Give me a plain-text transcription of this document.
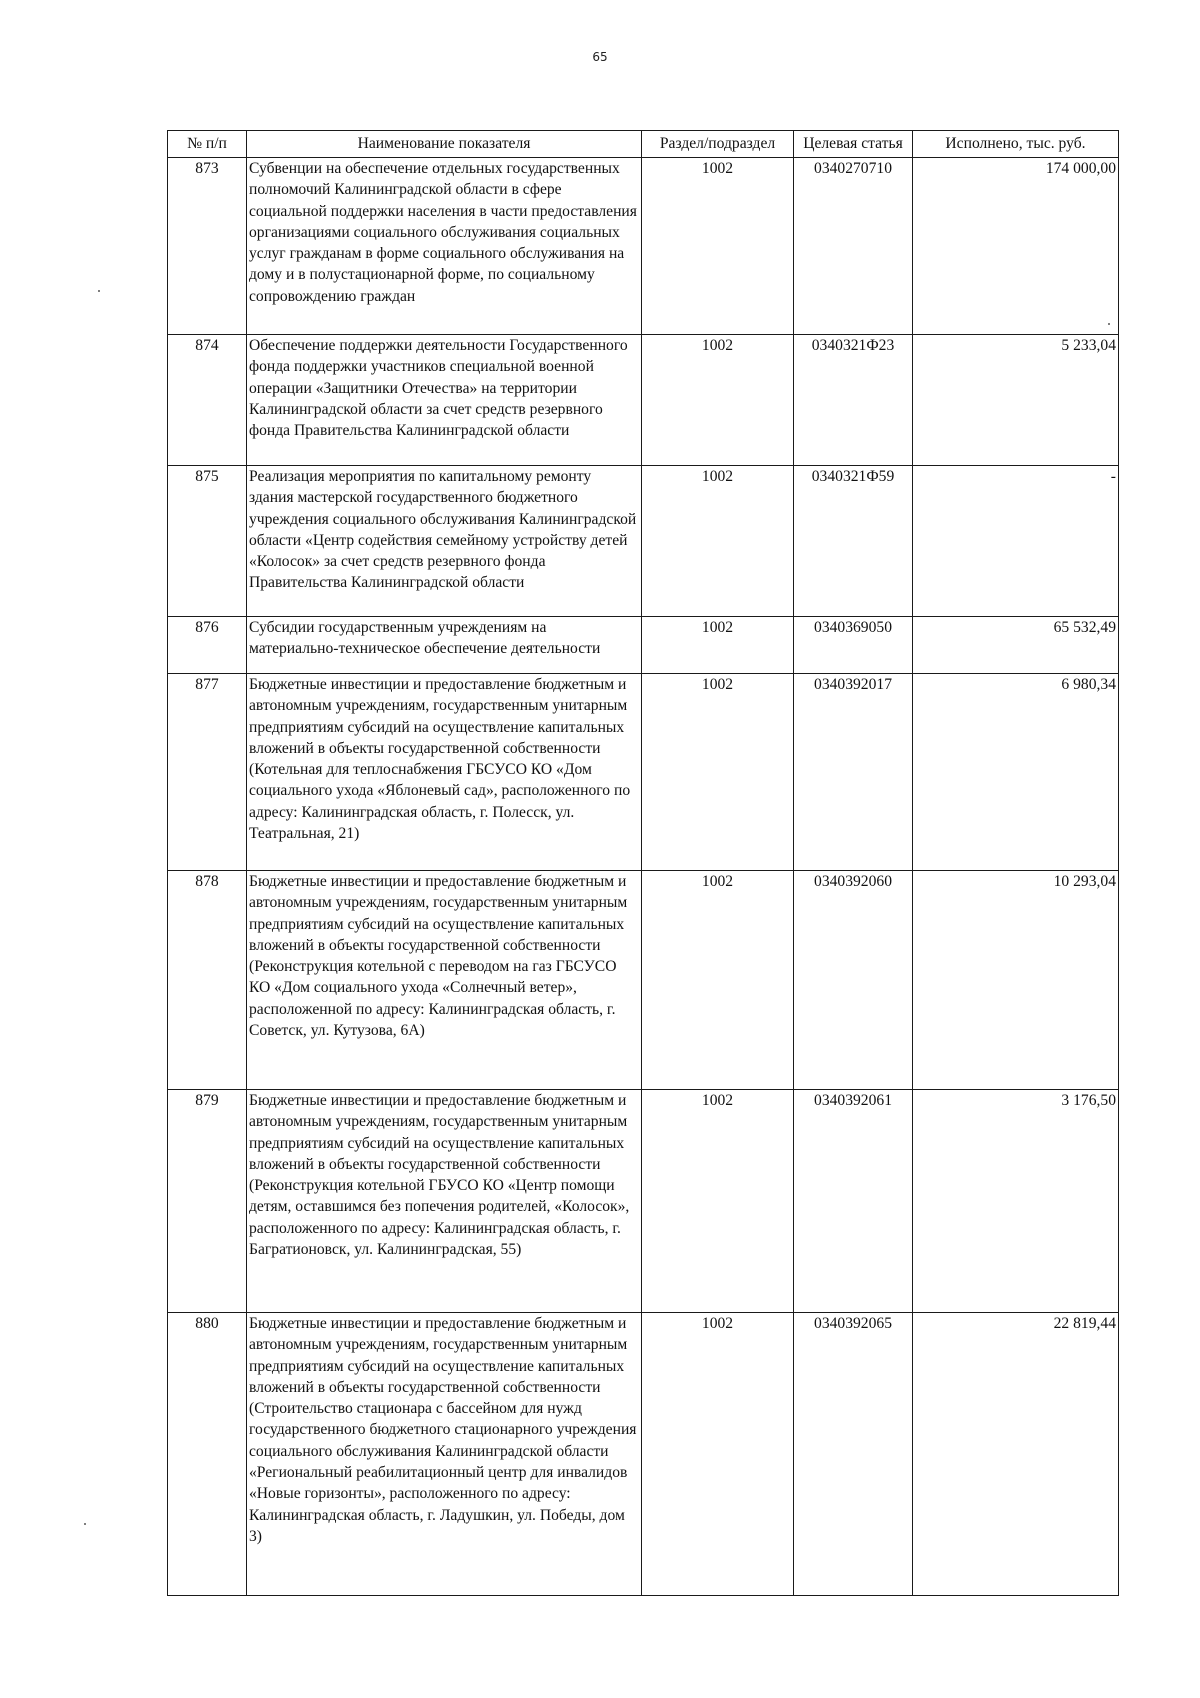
65
№ п/п	Наименование показателя	Раздел/подраздел	Целевая статья	Исполнено, тыс. руб.
873	Субвенции на обеспечение отдельных государственных полномочий Калининградской области в сфере социальной поддержки населения в части предоставления организациями социального обслуживания социальных услуг гражданам в форме социального обслуживания на дому и в полустационарной форме, по социальному сопровождению граждан	1002	0340270710	174 000,00
874	Обеспечение поддержки деятельности Государственного фонда поддержки участников специальной военной операции «Защитники Отечества» на территории Калининградской области за счет средств резервного фонда Правительства Калининградской области	1002	0340321Ф23	5 233,04
875	Реализация мероприятия по капитальному ремонту здания мастерской государственного бюджетного учреждения социального обслуживания Калининградской области «Центр содействия семейному устройству детей «Колосок» за счет средств резервного фонда Правительства Калининградской области	1002	0340321Ф59	-
876	Субсидии государственным учреждениям на материально-техническое обеспечение деятельности	1002	0340369050	65 532,49
877	Бюджетные инвестиции и предоставление бюджетным и автономным учреждениям, государственным унитарным предприятиям субсидий на осуществление капитальных вложений в объекты государственной собственности (Котельная для теплоснабжения ГБСУСО КО «Дом социального ухода «Яблоневый сад», расположенного по адресу: Калининградская область, г. Полесск, ул. Театральная, 21)	1002	0340392017	6 980,34
878	Бюджетные инвестиции и предоставление бюджетным и автономным учреждениям, государственным унитарным предприятиям субсидий на осуществление капитальных вложений в объекты государственной собственности (Реконструкция котельной с переводом на газ ГБСУСО КО «Дом социального ухода «Солнечный ветер», расположенной по адресу: Калининградская область, г. Советск, ул. Кутузова, 6А)	1002	0340392060	10 293,04
879	Бюджетные инвестиции и предоставление бюджетным и автономным учреждениям, государственным унитарным предприятиям субсидий на осуществление капитальных вложений в объекты государственной собственности (Реконструкция котельной ГБУСО КО «Центр помощи детям, оставшимся без попечения родителей, «Колосок», расположенного по адресу: Калининградская область, г. Багратионовск, ул. Калининградская, 55)	1002	0340392061	3 176,50
880	Бюджетные инвестиции и предоставление бюджетным и автономным учреждениям, государственным унитарным предприятиям субсидий на осуществление капитальных вложений в объекты государственной собственности (Строительство стационара с бассейном для нужд государственного бюджетного стационарного учреждения социального обслуживания Калининградской области «Региональный реабилитационный центр для инвалидов «Новые горизонты», расположенного по адресу: Калининградская область, г. Ладушкин, ул. Победы, дом 3)	1002	0340392065	22 819,44
